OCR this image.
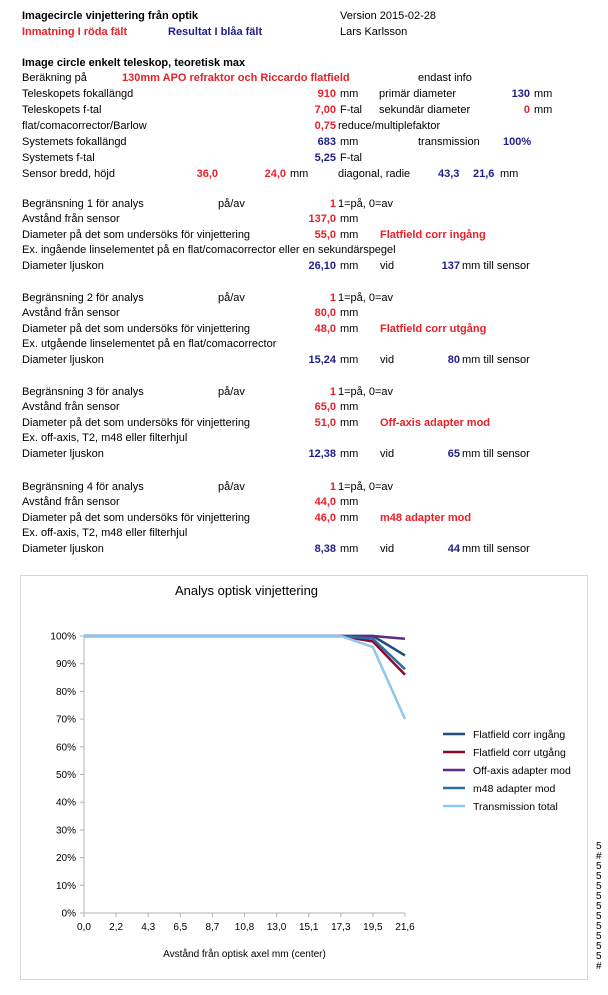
Imagecircle vinjettering från optik	Version 2015-02-28
Inmatning I röda fält	Resultat I blåa fält	Lars Karlsson
Image circle enkelt teleskop, teoretisk max
Beräkning på	130mm APO refraktor och Riccardo flatfield	endast info
Teleskopets fokallängd	910 mm primär diameter	130 mm
Teleskopets f-tal	7,00 F-tal sekundär diameter	0 mm
flat/comacorrector/Barlow	0,75 reduce/multiplefaktor
Systemets fokallängd	683 mm	transmission 100%
Systemets f-tal	5,25 F-tal
Sensor bredd, höjd	36,0	24,0 mm	diagonal, radie	43,3 21,6 mm
Begränsning 1 för analys	på/av	1 1=på, 0=av
Avstånd från sensor	137,0 mm
Diameter på det som undersöks för vinjettering	55,0 mm Flatfield corr ingång
Ex. ingående linselementet på en flat/comacorrector eller en sekundärspegel
Diameter ljuskon	26,10 mm vid	137 mm till sensor
Begränsning 2 för analys	på/av	1 1=på, 0=av
Avstånd från sensor	80,0 mm
Diameter på det som undersöks för vinjettering	48,0 mm Flatfield corr utgång
Ex. utgående linselementet på en flat/comacorrector
Diameter ljuskon	15,24 mm vid	80 mm till sensor
Begränsning 3 för analys	på/av	1 1=på, 0=av
Avstånd från sensor	65,0 mm
Diameter på det som undersöks för vinjettering	51,0 mm Off-axis adapter mod
Ex. off-axis, T2, m48 eller filterhjul
Diameter ljuskon	12,38 mm vid	65 mm till sensor
Begränsning 4 för analys	på/av	1 1=på, 0=av
Avstånd från sensor	44,0 mm
Diameter på det som undersöks för vinjettering	46,0 mm m48 adapter mod
Ex. off-axis, T2, m48 eller filterhjul
Diameter ljuskon	8,38 mm vid	44 mm till sensor
5
#
5
5
5
5
5
5
5
5
5
5
#
Analys optisk vinjettering
0%
10%
20%
30%
40%
50%
60%
70%
80%
90%
100%
0,0 2,2 4,3 6,5 8,7 10,8 13,0 15,1 17,3 19,5 21,6
Avstånd från optisk axel mm (center)
Flatfield corr ingång
Flatfield corr utgång
Off-axis adapter mod
m48 adapter mod
Transmission total
